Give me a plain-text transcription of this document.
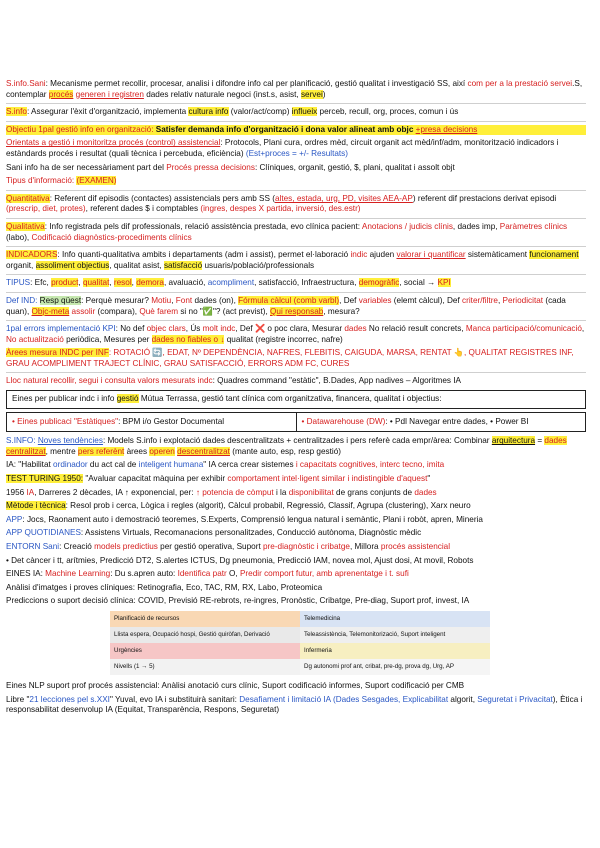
S.info.Sani: Mecanisme permet recollir, procesar, analisi i difondre info cal per planificació, gestió qualitat i investigació SS, així com per a la prestació servei.S, contemplar procés generen i registren dades relativ naturale negoci (inst.s, asist, servei)
S.info: Assegurar l'èxit d'organització, implementa cultura info (valor/act/comp) influeix perceb, recull, org, proces, comun i ús
Objectiu 1pal gestió info en organització: Satisfer demanda info d'organització i dona valor alineat amb objc +presa decisions
Orientats a gestió i monitoritza procés (control) assistencial: Protocols, Plani cura, ordres mèd, circuit organit act mèd/inf/adm, monitorització indicadors i estàndards procés i resultat (quali tècnica i percebuda, eficiència) (Est+proces = +/- Resultats)
Sani info ha de ser necessàriament part del Procés pressa decisions: Clíniques, organit, gestió, $, plani, qualitat i assolt objt
Tipus d'informació: (EXAMEN)
Quantitativa: Referent dif episodis (contactes) assistencials pers amb SS (altes, estada, urg, PD, visites AEA-AP) referent dif prestacions derivat episodi (prescrip, diet, protes), referent dades $ i comptables (ingres, despes X partida, inversió, des.estr)
Qualitativa: Info registrada pels dif professionals, relació assistència prestada, evo clínica pacient: Anotacions / judicis clínis, dades imp, Paràmetres clínics (labo), Codificació diagnòstics-procediments clínics
INDICADORS: Info quanti-qualitativa ambits i departaments (adm i assist), permet el·laboració indic ajuden valorar i quantificar sistemàticament funcionament organit, assoliment objectius, qualitat asist, satisfacció usuaris/població/professionals
TIPUS: Efc, product, qualitat, resol, demora, avaluació, acompliment, satisfacció, Infraestructura, demogràfic, social → KPI
Def IND: Resp qüest: Perquè mesurar? Motiu, Font dades (on), Fórmula càlcul (comb varbl), Def variables (elemt càlcul), Def criter/filtre, Periodicitat (cada quan), Objc-meta assolir (compara), Què farem si no "✅"? (act previst), Qui responsab, mesura?
1pal errors implementació KPI: No def objec clars, Ús molt indc, Def ❌ o poc clara, Mesurar dades No relació result concrets, Manca participació/comunicació, No actualització periòdica, Mesures per dades no fiables o ↓ qualitat (registre incorrec, nafre)
Àrees mesura INDC per INF: ROTACIÓ 🔄, EDAT, Nº DEPENDÈNCIA, NAFRES, FLEBITIS, CAIGUDA, MARSA, RENTAT 👆, QUALITAT REGISTRES INF, GRAU ACOMPLIMENT TRAJECT CLÍNIC, GRAU SATISFACCIÓ, ERRORS ADM FC, CURES
Lloc natural recollir, segui i consulta valors mesurats indc: Quadres command "estàtic", B.Dades, App nadives – Algoritmes IA
Eines per publicar indc i info gestió Mútua Terrassa, gestió tant clínica com organitzativa, financera, qualitat i objectius:
• Eines publicaci "Estàtiques": BPM i/o Gestor Documental	• Datawarehouse (DW): • Pdl Navegar entre dades, • Power BI
S.INFO: Noves tendències: Models S.info i explotació dades descentralitzats + centralitzades i pers referè cada empr/àrea: Combinar arquitectura = dades centralitzat, mentre pers referènt àrees operen descentralitzat (mante auto, esp, resp gestió)
IA: "Habilitat ordinador du act cal de inteligent humana" IA cerca crear sistemes i capacitats cognitives, interc tecno, imita
TEST TURING 1950: "Avaluar capacitat màquina per exhibir comportament intel·ligent similar i indistingible d'aquest"
1956 IA, Darreres 2 dècades, IA ↑ exponencial, per: ↑ potencia de còmput i la disponibilitat de grans conjunts de dades
Mètode i tècnica: Resol prob i cerca, Lògica i regles (algorit), Càlcul probabil, Regressió, Classif, Agrupa (clustering), Xarx neuro
APP: Jocs, Raonament auto i demostració teoremes, S.Experts, Comprensió lengua natural i semàntic, Plani i robòt, apren, Mineria
APP QUOTIDIANES: Assistens Virtuals, Recomanacions personalitzades, Conducció autònoma, Diagnòstic mèdic
ENTORN Sani: Creació models predictius per gestió operativa, Suport pre-diagnòstic i cribatge, Millora procés assistencial
• Det càncer i tt, arítmies, Predicció DT2, S.alertes ICTUS, Dg pneumonia, Predicció IAM, novea mol, Ajust dosi, At movil, Robots
EINES IA: Machine Learning: Du s.apren auto: Identifica patr O, Predir comport futur, amb aprenentatge i t. sufi
Anàlisi d'imatges i proves clíniques: Retinografia, Eco, TAC, RM, RX, Labo, Proteomica
Prediccions o suport decisió clínica: COVID, Previsió RE-rebrots, re-ingres, Pronòstic, Cribatge, Pre-diag, Suport prof, invest, IA
Planificació de recursos	Telemedicina
Llista espera, Ocupació hospi, Gestió quiròfan, Derivació	Teleassistència, Telemonitorizació, Suport inteligent
Urgències	Infermeria
Nivells (1 → 5)	Dg autonomi prof ant, cribat, pre-dg, prova dg, Urg, AP
Eines NLP suport prof procés assistencial: Anàlisi anotació curs clínic, Suport codificació informes, Suport codificació per CMB
Libre "21 lecciones pel s.XXI" Yuval, evo IA i substituirà sanitari: Desafiament i limitació IA (Dades Sesgades, Explicabilitat algorit, Seguretat i Privacitat), Ètica i responsabilitat desenvolup IA (Equitat, Transparència, Respons, Seguretat)
